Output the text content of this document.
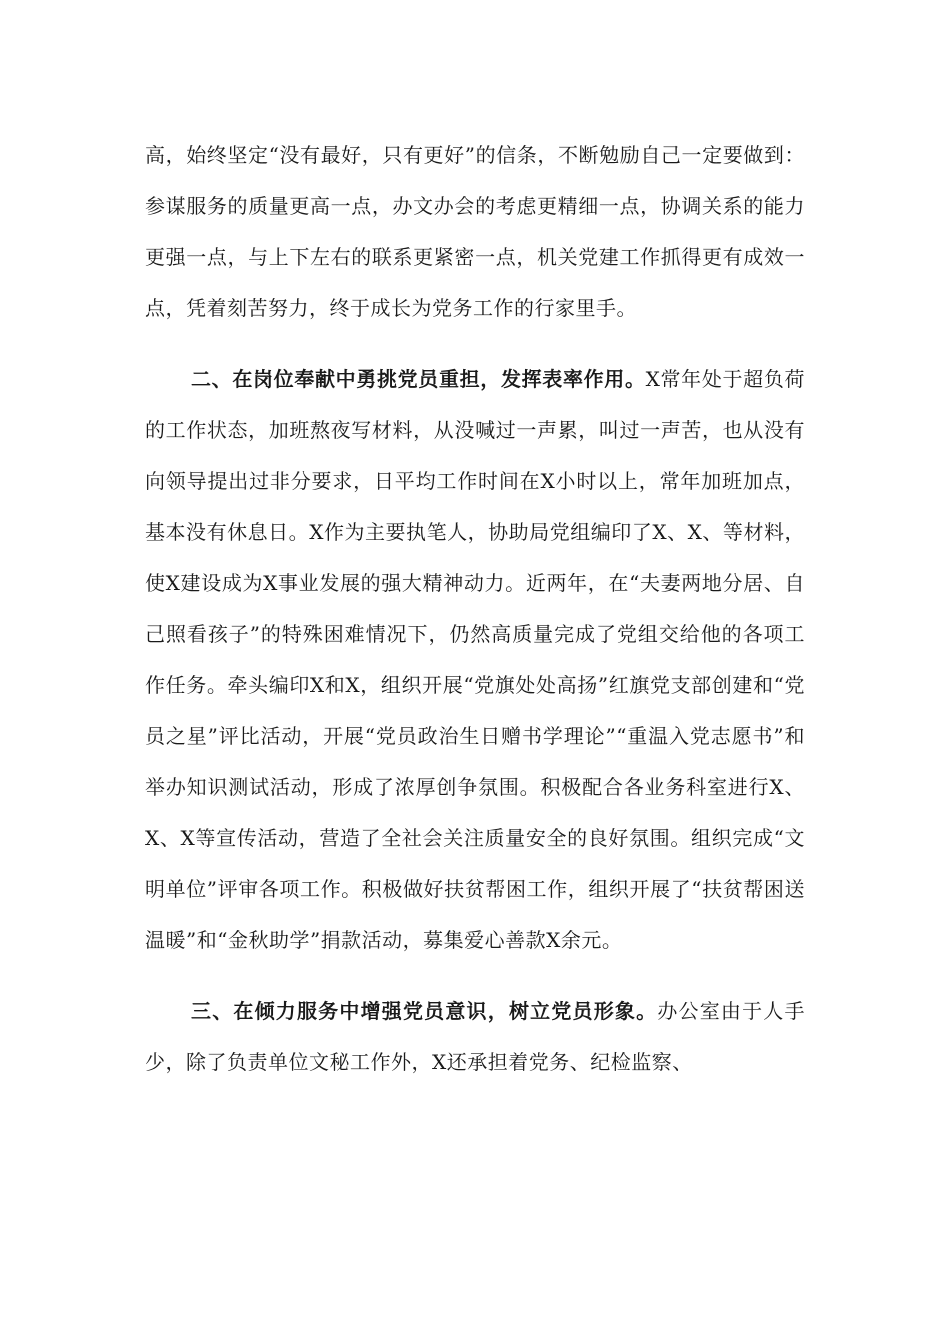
高，始终坚定“没有最好，只有更好”的信条，不断勉励自己一定要做到：参谋服务的质量更高一点，办文办会的考虑更精细一点，协调关系的能力更强一点，与上下左右的联系更紧密一点，机关党建工作抓得更有成效一点，凭着刻苦努力，终于成长为党务工作的行家里手。

二、在岗位奉献中勇挑党员重担，发挥表率作用。X常年处于超负荷的工作状态，加班熬夜写材料，从没喊过一声累，叫过一声苦，也从没有向领导提出过非分要求，日平均工作时间在X小时以上，常年加班加点，基本没有休息日。X作为主要执笔人，协助局党组编印了X、X、等材料，使X建设成为X事业发展的强大精神动力。近两年，在“夫妻两地分居、自己照看孩子”的特殊困难情况下，仍然高质量完成了党组交给他的各项工作任务。牵头编印X和X，组织开展“党旗处处高扬”红旗党支部创建和“党员之星”评比活动，开展“党员政治生日赠书学理论”“重温入党志愿书”和举办知识测试活动，形成了浓厚创争氛围。积极配合各业务科室进行X、X、X等宣传活动，营造了全社会关注质量安全的良好氛围。组织完成“文明单位”评审各项工作。积极做好扶贫帮困工作，组织开展了“扶贫帮困送温暖”和“金秋助学”捐款活动，募集爱心善款X余元。

三、在倾力服务中增强党员意识，树立党员形象。办公室由于人手少，除了负责单位文秘工作外，X还承担着党务、纪检监察、
